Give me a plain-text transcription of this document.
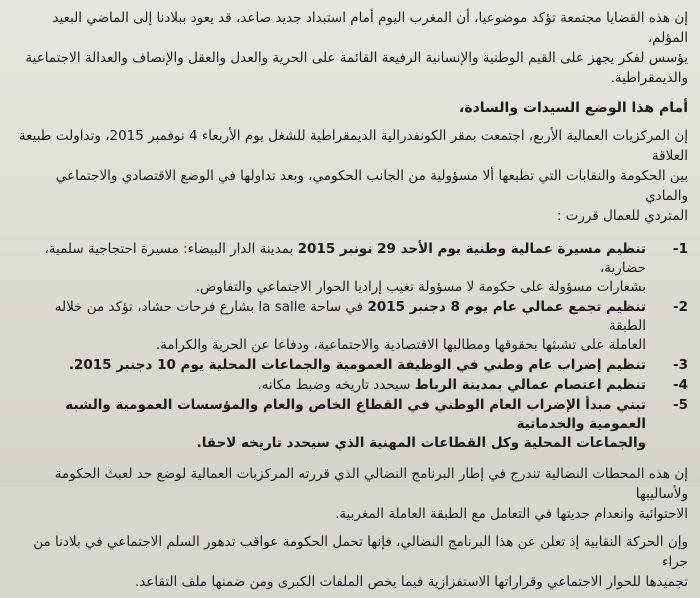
إن هذه القضايا مجتمعة تؤكد موضوعيا، أن المغرب اليوم أمام استبداد جديد صاعد، قد يعود ببلادنا إلى الماضي البعيد المؤلم،
يؤسس لفكر يجهز على القيم الوطنية والإنسانية الرفيعة القائمة على الحرية والعدل والعقل والإنصاف والعدالة الاجتماعية
والديمقراطية.
أمام هذا الوضع السيدات والسادة،
إن المركزيات العمالية الأربع، اجتمعت بمقر الكونفدرالية الديمقراطية للشغل يوم الأربعاء 4 نوفمبر 2015، وتداولت طبيعة العلاقة
بين الحكومة والنقابات التي تطبعها ألا مسؤولية من الجانب الحكومي، وبعد تداولها في الوضع الاقتصادي والاجتماعي والمادي
المتردي للعمال قررت :
-1
تنظيم مسيرة عمالية وطنية يوم الأحد 29 نونبر 2015 بمدينة الدار البيضاء: مسيرة احتجاجية سلمية، حضارية،
بشعارات مسؤولة على حكومة لا مسؤولة تغيب إراديا الحوار الاجتماعي والتفاوض.
-2
تنظيم تجمع عمالي عام يوم 8 دجنبر 2015 في ساحة la salle بشارع فرحات حشاد، تؤكد من خلاله الطبقة
العاملة على تشبثها بحقوقها ومطالبها الاقتصادية والاجتماعية، ودفاعا عن الحرية والكرامة.
-3
تنظيم إضراب عام وطني في الوظيفة العمومية والجماعات المحلية يوم 10 دجنبر 2015.
-4
تنظيم اعتصام عمالي بمدينة الرباط سيحدد تاريخه وضبط مكانه.
-5
تبني مبدأ الإضراب العام الوطني في القطاع الخاص والعام والمؤسسات العمومية والشبه العمومية والخدماتية
والجماعات المحلية وكل القطاعات المهنية الذي سيحدد تاريخه لاحقا.
إن هذه المحطات النضالية تندرج في إطار البرنامج النضالي الذي قررته المركزيات العمالية لوضع حد لعبث الحكومة ولأساليبها
الاحتوائية وانعدام جديتها في التعامل مع الطبقة العاملة المغربية.
وإن الحركة النقابية إذ تعلن عن هذا البرنامج النضالي، فإنها تحمل الحكومة عواقب تدهور السلم الاجتماعي في بلادنا من جراء
تجميدها للحوار الاجتماعي وقراراتها الاستفزازية فيما يخص الملفات الكبرى ومن ضمنها ملف التقاعد.
